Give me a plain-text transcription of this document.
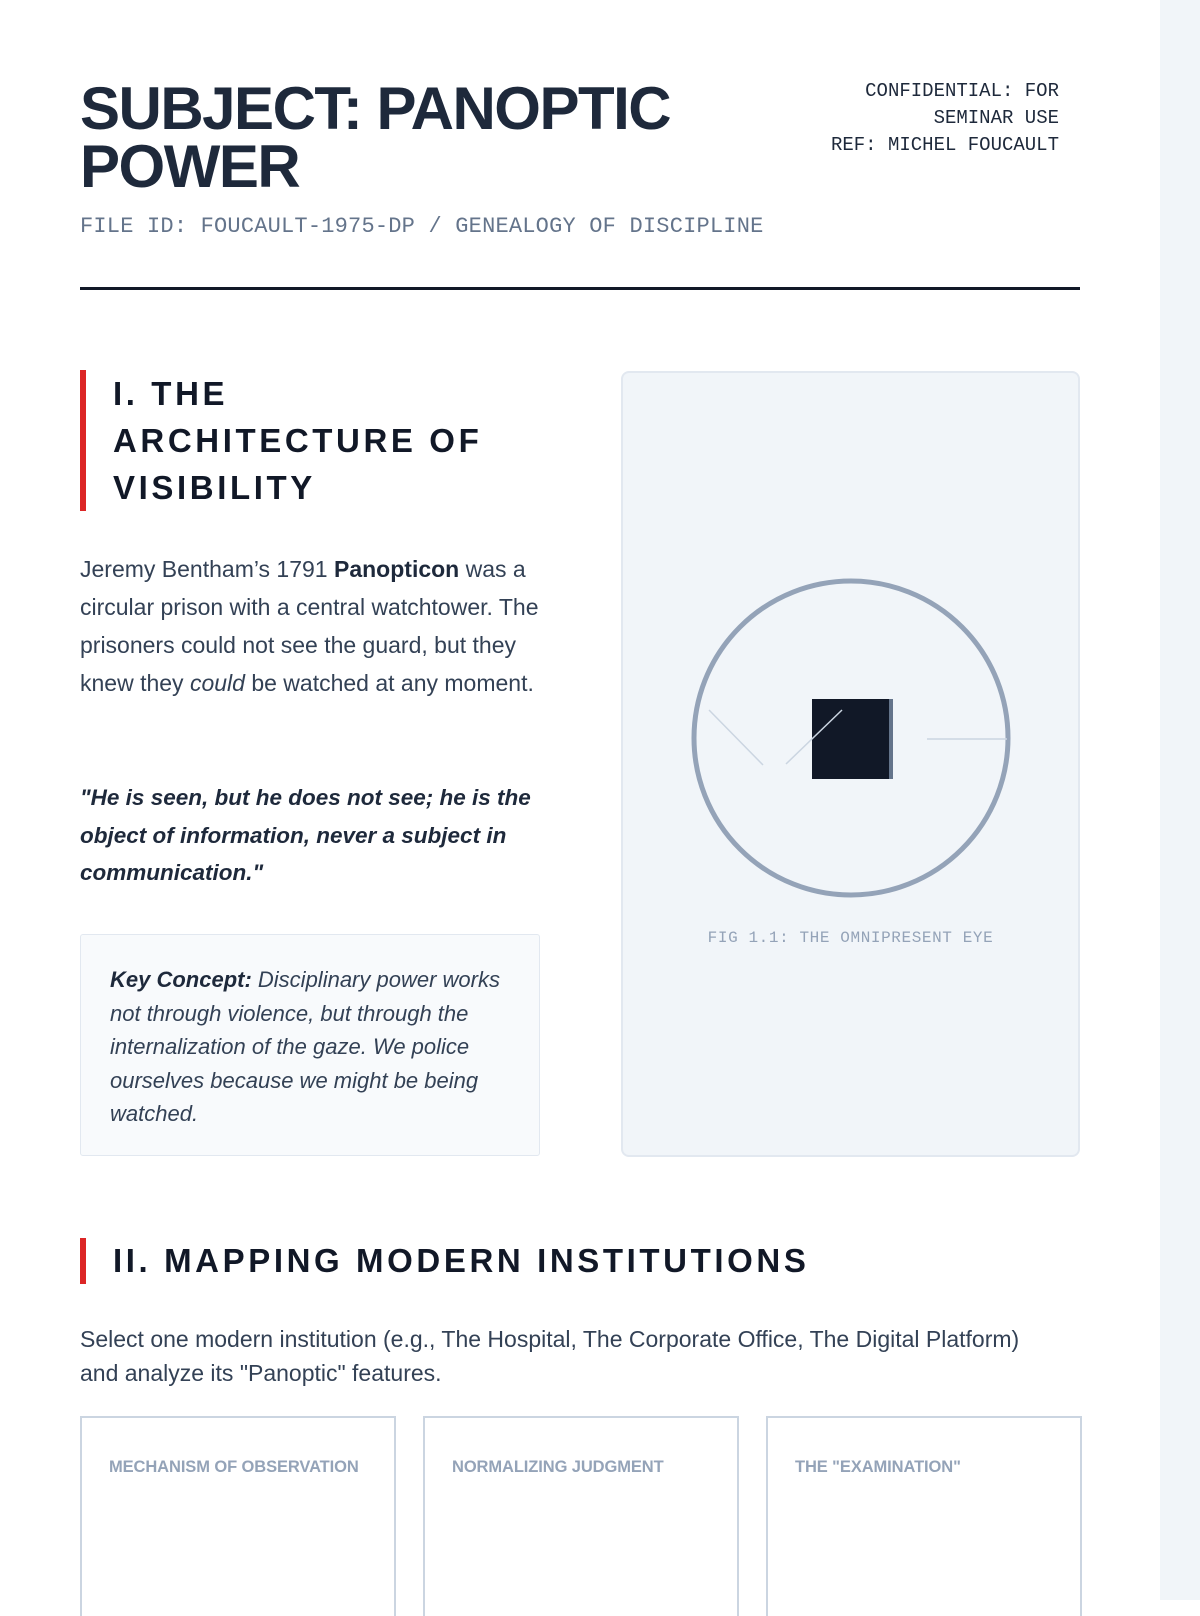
SUBJECT: PANOPTIC POWER
FILE ID: FOUCAULT-1975-DP / GENEALOGY OF DISCIPLINE
CONFIDENTIAL: FOR
SEMINAR USE
REF: MICHEL FOUCAULT
I. THE ARCHITECTURE OF VISIBILITY

Jeremy Bentham’s 1791 Panopticon was a circular prison with a central watchtower. The prisoners could not see the guard, but they knew they could be watched at any moment.

"He is seen, but he does not see; he is the object of information, never a subject in communication."

Key Concept: Disciplinary power works not through violence, but through the internalization of the gaze. We police ourselves because we might be being watched.
FIG 1.1: THE OMNIPRESENT EYE
II. MAPPING MODERN INSTITUTIONS

Select one modern institution (e.g., The Hospital, The Corporate Office, The Digital Platform) and analyze its "Panoptic" features.

MECHANISM OF OBSERVATION	NORMALIZING JUDGMENT	THE "EXAMINATION"
